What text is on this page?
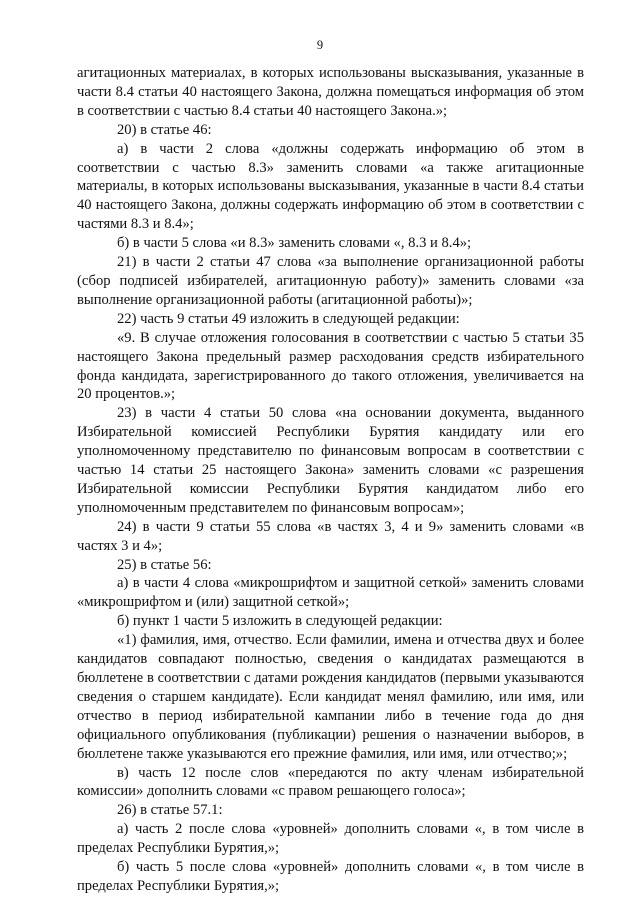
9

агитационных материалах, в которых использованы высказывания, указанные в части 8.4 статьи 40 настоящего Закона, должна помещаться информация об этом в соответствии с частью 8.4 статьи 40 настоящего Закона.»;

20) в статье 46:

а) в части 2 слова «должны содержать информацию об этом в соответствии с частью 8.3» заменить словами «а также агитационные материалы, в которых использованы высказывания, указанные в части 8.4 статьи 40 настоящего Закона, должны содержать информацию об этом в соответствии с частями 8.3 и 8.4»;

б) в части 5 слова «и 8.3» заменить словами «, 8.3 и 8.4»;

21) в части 2 статьи 47 слова «за выполнение организационной работы (сбор подписей избирателей, агитационную работу)» заменить словами «за выполнение организационной работы (агитационной работы)»;

22) часть 9 статьи 49 изложить в следующей редакции:

«9. В случае отложения голосования в соответствии с частью 5 статьи 35 настоящего Закона предельный размер расходования средств избирательного фонда кандидата, зарегистрированного до такого отложения, увеличивается на 20 процентов.»;

23) в части 4 статьи 50 слова «на основании документа, выданного Избирательной комиссией Республики Бурятия кандидату или его уполномоченному представителю по финансовым вопросам в соответствии с частью 14 статьи 25 настоящего Закона» заменить словами «с разрешения Избирательной комиссии Республики Бурятия кандидатом либо его уполномоченным представителем по финансовым вопросам»;

24) в части 9 статьи 55 слова «в частях 3, 4 и 9» заменить словами «в частях 3 и 4»;

25) в статье 56:

а) в части 4 слова «микрошрифтом и защитной сеткой» заменить словами «микрошрифтом и (или) защитной сеткой»;

б) пункт 1 части 5 изложить в следующей редакции:

«1) фамилия, имя, отчество. Если фамилии, имена и отчества двух и более кандидатов совпадают полностью, сведения о кандидатах размещаются в бюллетене в соответствии с датами рождения кандидатов (первыми указываются сведения о старшем кандидате). Если кандидат менял фамилию, или имя, или отчество в период избирательной кампании либо в течение года до дня официального опубликования (публикации) решения о назначении выборов, в бюллетене также указываются его прежние фамилия, или имя, или отчество;»;

в) часть 12 после слов «передаются по акту членам избирательной комиссии» дополнить словами «с правом решающего голоса»;

26) в статье 57.1:

а) часть 2 после слова «уровней» дополнить словами «, в том числе в пределах Республики Бурятия,»;

б) часть 5 после слова «уровней» дополнить словами «, в том числе в пределах Республики Бурятия,»;
